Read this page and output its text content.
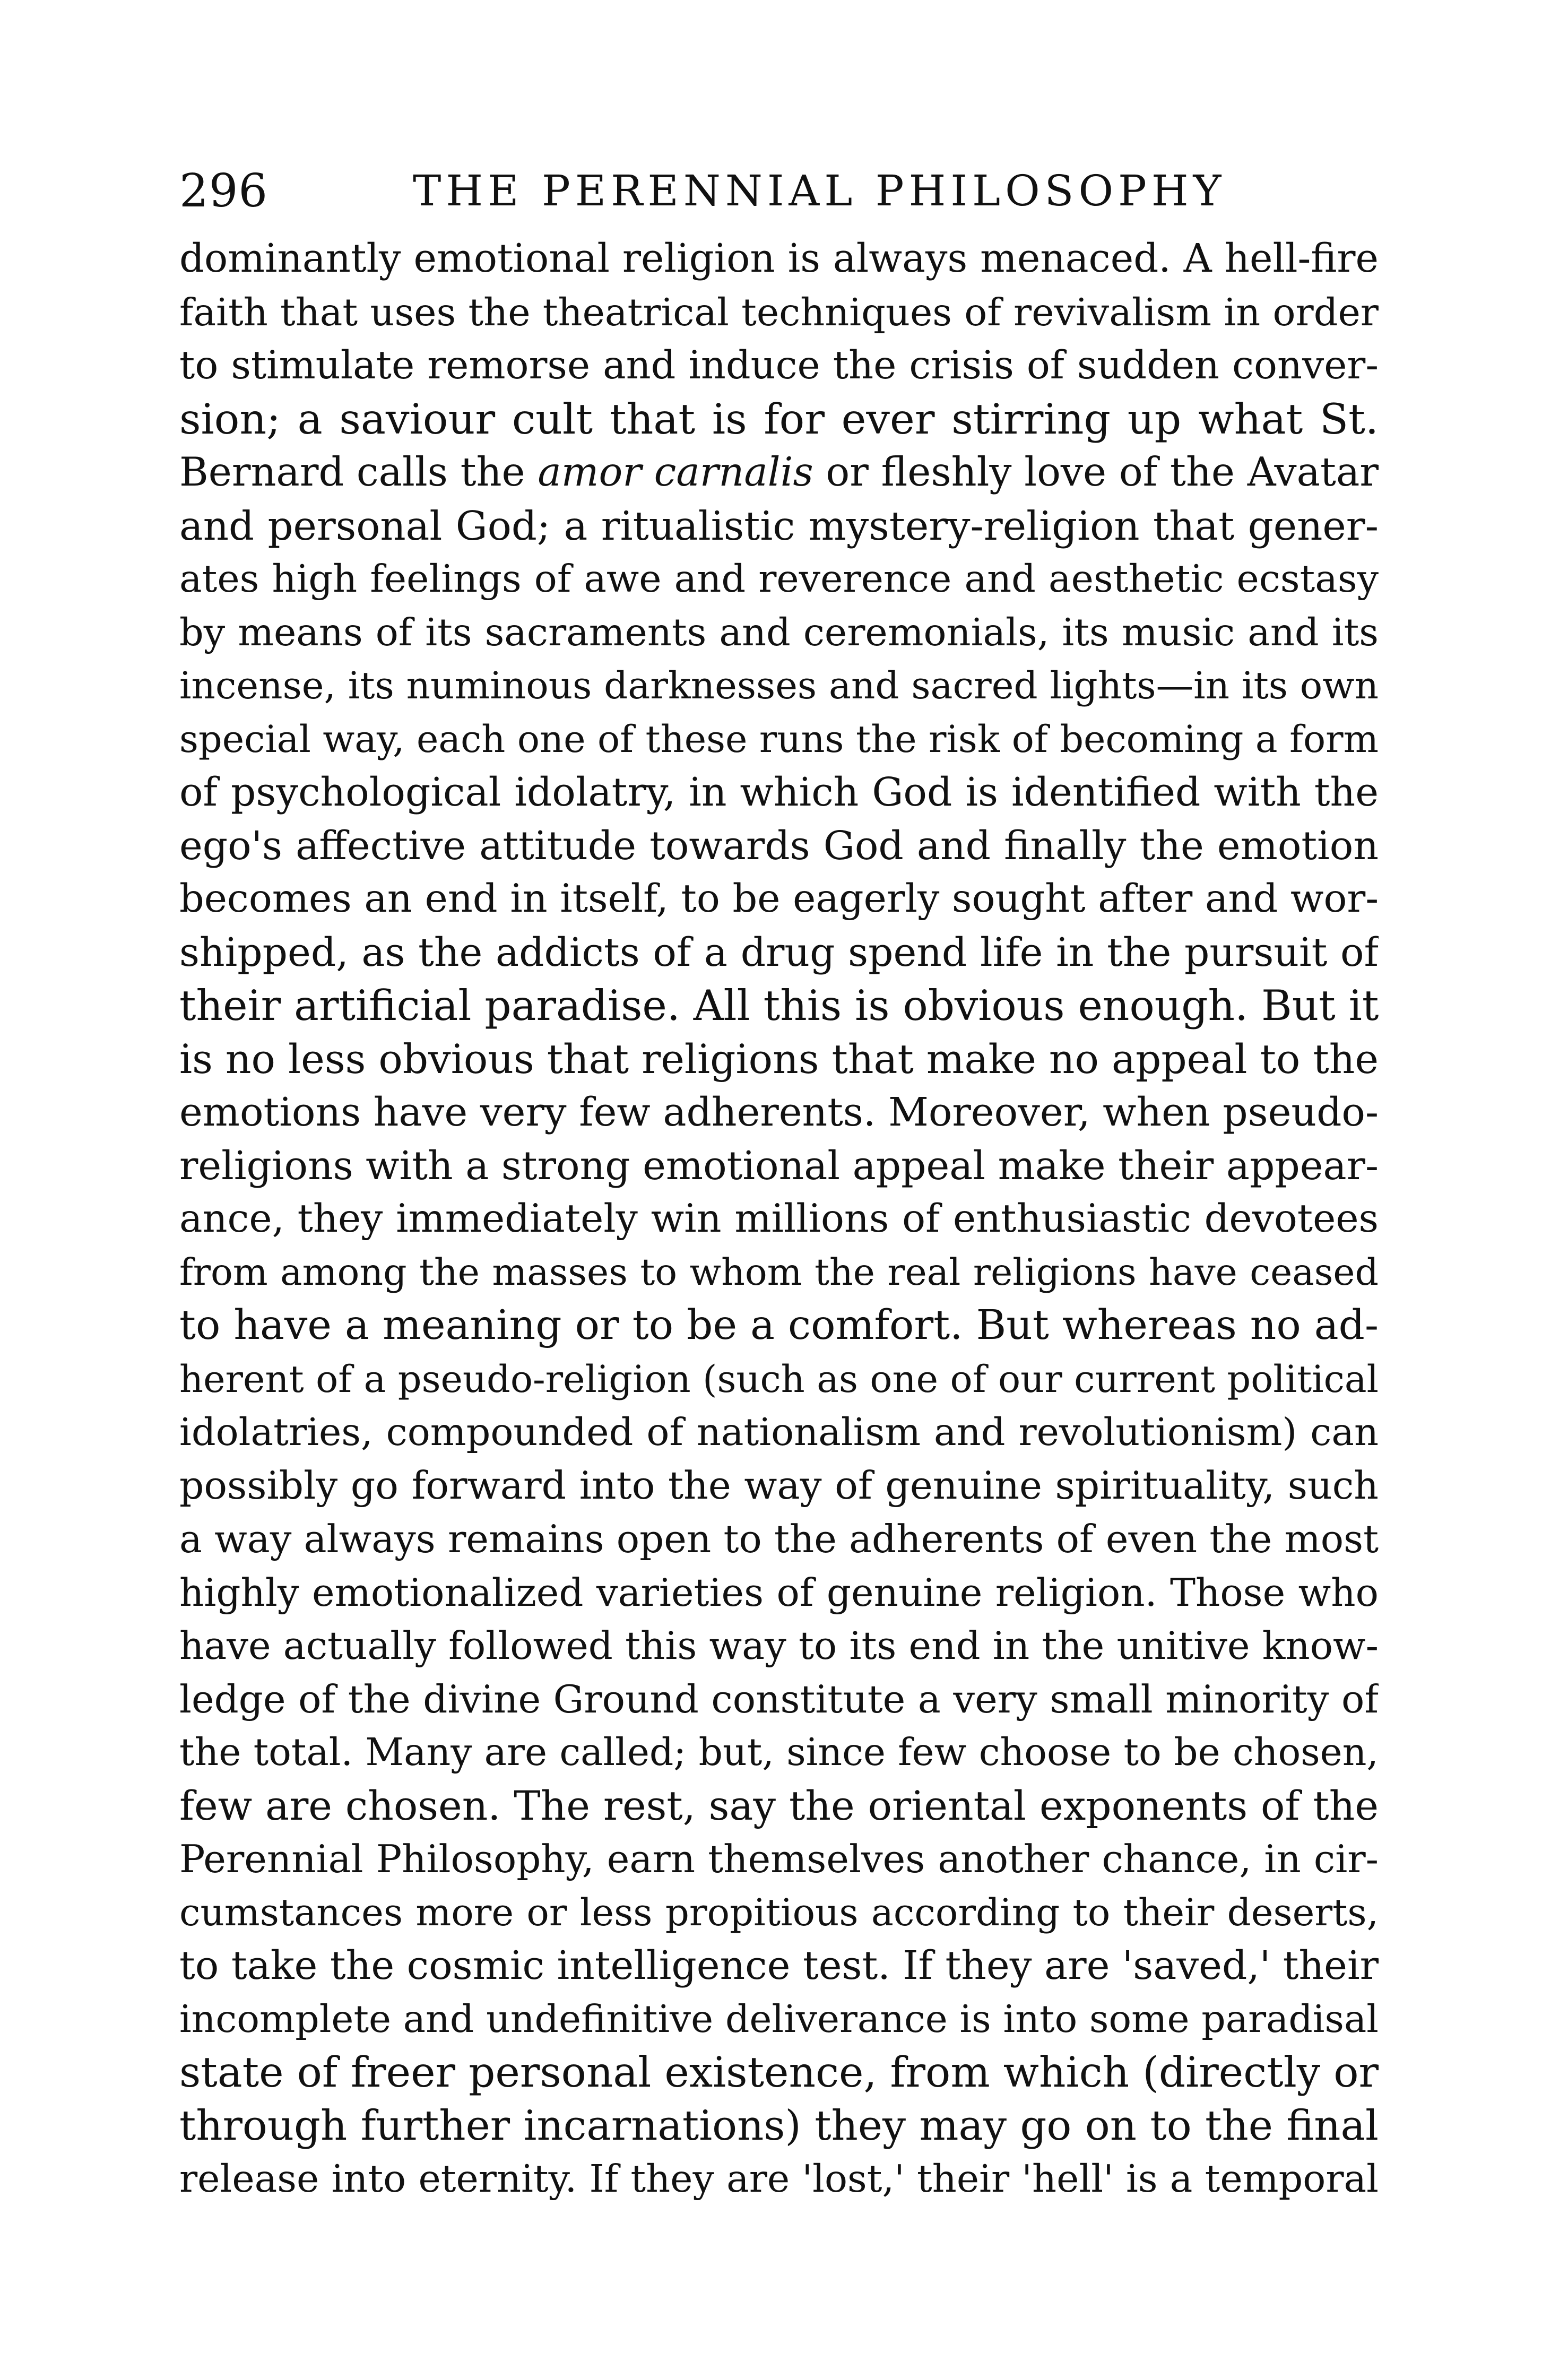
296	THE PERENNIAL PHILOSOPHY
dominantly emotional religion is always menaced. A hell-fire
faith that uses the theatrical techniques of revivalism in order
to stimulate remorse and induce the crisis of sudden conver-
sion; a saviour cult that is for ever stirring up what St.
Bernard calls the amor carnalis or fleshly love of the Avatar
and personal God; a ritualistic mystery-religion that gener-
ates high feelings of awe and reverence and aesthetic ecstasy
by means of its sacraments and ceremonials, its music and its
incense, its numinous darknesses and sacred lights—in its own
special way, each one of these runs the risk of becoming a form
of psychological idolatry, in which God is identified with the
ego's affective attitude towards God and finally the emotion
becomes an end in itself, to be eagerly sought after and wor-
shipped, as the addicts of a drug spend life in the pursuit of
their artificial paradise. All this is obvious enough. But it
is no less obvious that religions that make no appeal to the
emotions have very few adherents. Moreover, when pseudo-
religions with a strong emotional appeal make their appear-
ance, they immediately win millions of enthusiastic devotees
from among the masses to whom the real religions have ceased
to have a meaning or to be a comfort. But whereas no ad-
herent of a pseudo-religion (such as one of our current political
idolatries, compounded of nationalism and revolutionism) can
possibly go forward into the way of genuine spirituality, such
a way always remains open to the adherents of even the most
highly emotionalized varieties of genuine religion. Those who
have actually followed this way to its end in the unitive know-
ledge of the divine Ground constitute a very small minority of
the total. Many are called; but, since few choose to be chosen,
few are chosen. The rest, say the oriental exponents of the
Perennial Philosophy, earn themselves another chance, in cir-
cumstances more or less propitious according to their deserts,
to take the cosmic intelligence test. If they are 'saved,' their
incomplete and undefinitive deliverance is into some paradisal
state of freer personal existence, from which (directly or
through further incarnations) they may go on to the final
release into eternity. If they are 'lost,' their 'hell' is a temporal
